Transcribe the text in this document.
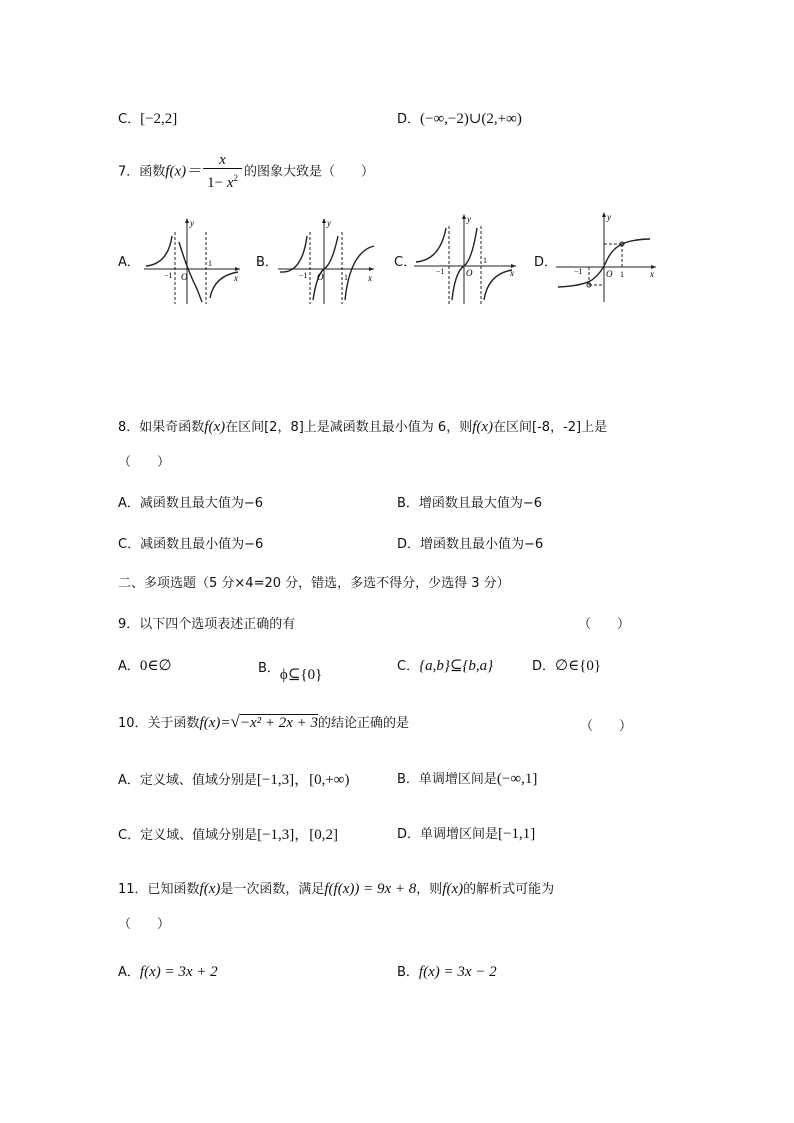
C．[−2,2]	D．(−∞,−2)∪(2,+∞)
7．函数$f(x)= \frac{x}{1- x^2}$ 的图象大致是（　　）
A．	B．	C．	D．
y
x
O
−1
1
y
x
O
−1	1
y
x
O
−1
1
y
x
O
−1	1
8．如果奇函数f(x)在区间[2，8]上是减函数且最小值为 6，则f(x)在区间[-8，-2]上是
（　　）
A．减函数且最大值为−6	B．增函数且最大值为−6
C．减函数且最小值为−6	D．增函数且最小值为−6
二、多项选题（5 分×4=20 分，错选，多选不得分，少选得 3 分）
9．以下四个选项表述正确的有	（　　）
A．0∈∅	B．ϕ⊆{0}
C．{a,b}⊆{b,a}	D．∅∈{0}
10．关于函数f(x)=√−x² + 2x + 3的结论正确的是	（　　）
A．定义域、值域分别是[−1,3]，[0,+∞)	B．单调增区间是(−∞,1]
C．定义域、值域分别是[−1,3]，[0,2]	D．单调增区间是[−1,1]
11．已知函数f(x)是一次函数，满足f(f(x)) = 9x + 8，则f(x)的解析式可能为
（　　）
A．f(x) = 3x + 2	B．f(x) = 3x − 2
